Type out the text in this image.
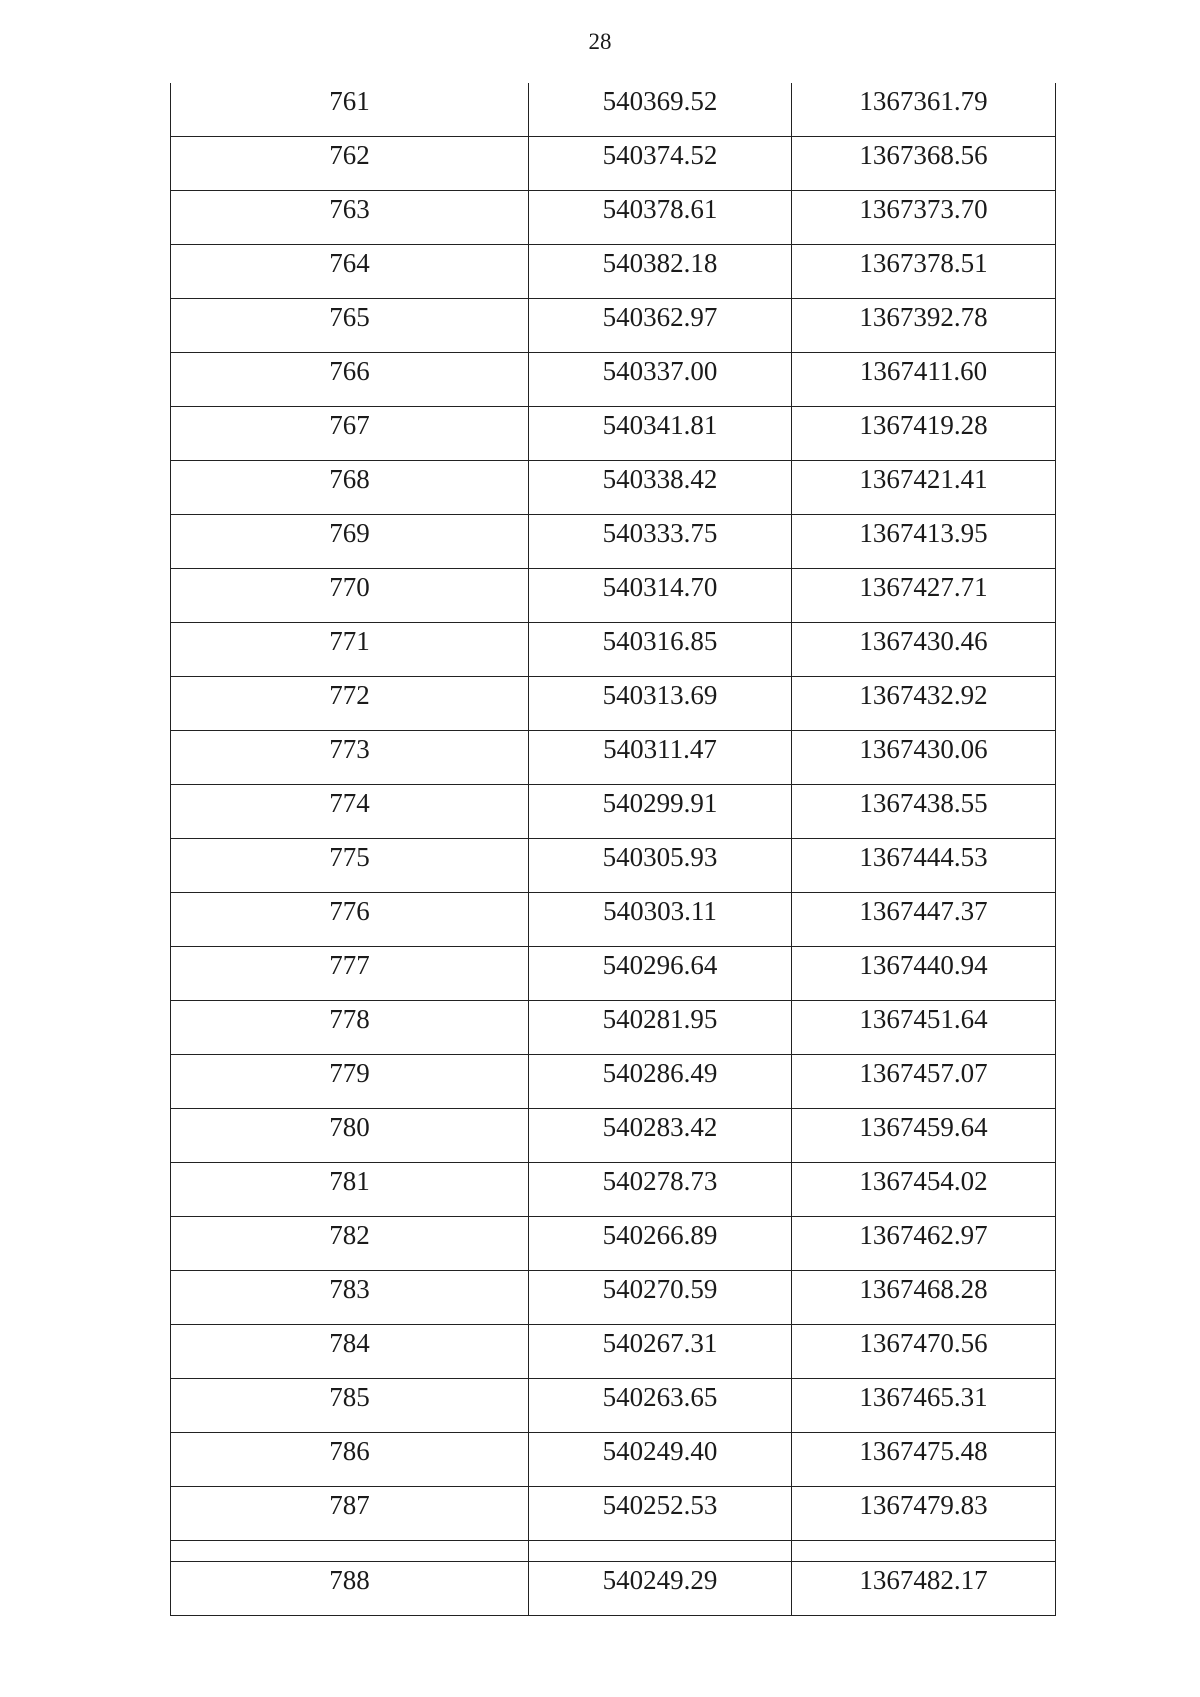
28
761	540369.52	1367361.79
762	540374.52	1367368.56
763	540378.61	1367373.70
764	540382.18	1367378.51
765	540362.97	1367392.78
766	540337.00	1367411.60
767	540341.81	1367419.28
768	540338.42	1367421.41
769	540333.75	1367413.95
770	540314.70	1367427.71
771	540316.85	1367430.46
772	540313.69	1367432.92
773	540311.47	1367430.06
774	540299.91	1367438.55
775	540305.93	1367444.53
776	540303.11	1367447.37
777	540296.64	1367440.94
778	540281.95	1367451.64
779	540286.49	1367457.07
780	540283.42	1367459.64
781	540278.73	1367454.02
782	540266.89	1367462.97
783	540270.59	1367468.28
784	540267.31	1367470.56
785	540263.65	1367465.31
786	540249.40	1367475.48
787	540252.53	1367479.83

788	540249.29	1367482.17
